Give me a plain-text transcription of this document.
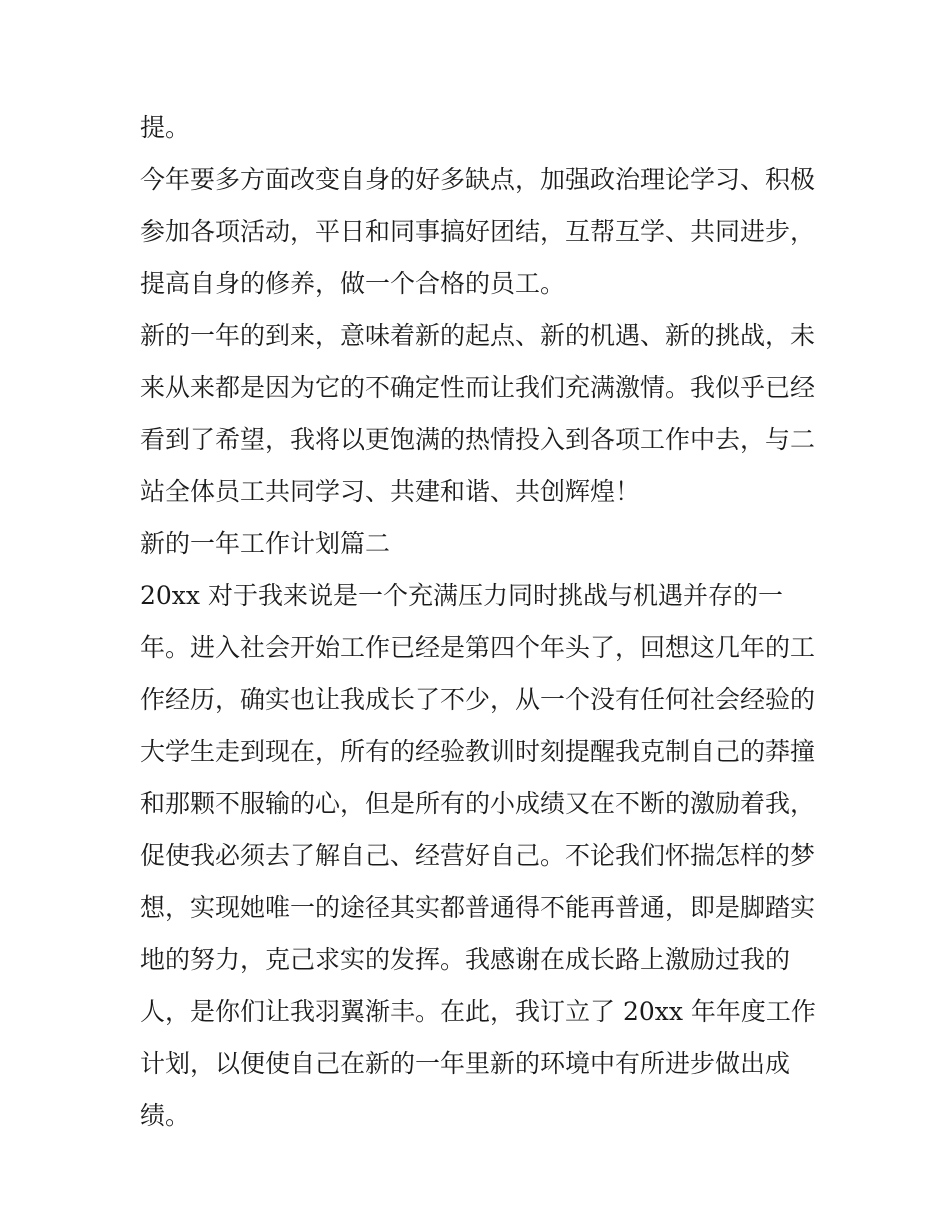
提。
今年要多方面改变自身的好多缺点，加强政治理论学习、积极
参加各项活动，平日和同事搞好团结，互帮互学、共同进步，
提高自身的修养，做一个合格的员工。
新的一年的到来，意味着新的起点、新的机遇、新的挑战，未
来从来都是因为它的不确定性而让我们充满激情。我似乎已经
看到了希望，我将以更饱满的热情投入到各项工作中去，与二
站全体员工共同学习、共建和谐、共创辉煌！
新的一年工作计划篇二
20xx 对于我来说是一个充满压力同时挑战与机遇并存的一
年。进入社会开始工作已经是第四个年头了，回想这几年的工
作经历，确实也让我成长了不少，从一个没有任何社会经验的
大学生走到现在，所有的经验教训时刻提醒我克制自己的莽撞
和那颗不服输的心，但是所有的小成绩又在不断的激励着我，
促使我必须去了解自己、经营好自己。不论我们怀揣怎样的梦
想，实现她唯一的途径其实都普通得不能再普通，即是脚踏实
地的努力，克己求实的发挥。我感谢在成长路上激励过我的
人，是你们让我羽翼渐丰。在此，我订立了 20xx 年年度工作
计划，以便使自己在新的一年里新的环境中有所进步做出成
绩。
